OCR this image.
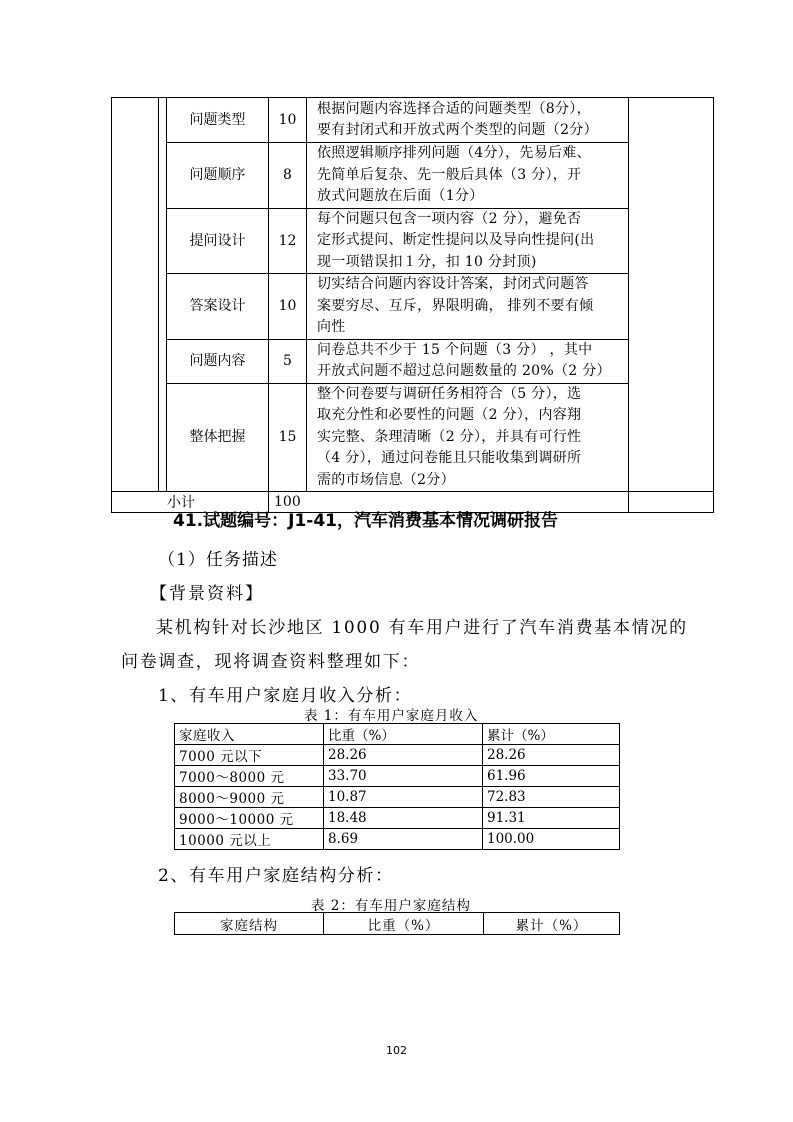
		问题类型	10	根据问题内容选择合适的问题类型（8分），
要有封闭式和开放式两个类型的问题（2分）	

		问题顺序	8	依照逻辑顺序排列问题（4分），先易后难、
先简单后复杂、先一般后具体（3 分），开
放式问题放在后面（1分）	

		提问设计	12	每个问题只包含一项内容（2 分），避免否
定形式提问、断定性提问以及导向性提问(出
现一项错误扣１分，扣 10 分封顶)	

		答案设计	10	切实结合问题内容设计答案，封闭式问题答
案要穷尽、互斥，界限明确， 排列不要有倾
向性	

		问题内容	5	问卷总共不少于 15 个问题（3 分） ，其中
开放式问题不超过总问题数量的 20%（2 分）	

		整体把握	15	整个问卷要与调研任务相符合（5 分），选
取充分性和必要性的问题（2 分），内容翔
实完整、条理清晰（2 分），并具有可行性
（4 分），通过问卷能且只能收集到调研所
需的市场信息（2分）	

小计			100		
41.试题编号：J1-41，汽车消费基本情况调研报告
（1）任务描述
【背景资料】
某机构针对长沙地区 1000 有车用户进行了汽车消费基本情况的
问卷调查，现将调查资料整理如下：
1、有车用户家庭月收入分析：
表 1：有车用户家庭月收入
家庭收入	比重（%）	累计（%）
7000 元以下	28.26	28.26
7000～8000 元	33.70	61.96
8000～9000 元	10.87	72.83
9000～10000 元	18.48	91.31
10000 元以上	8.69	100.00
2、有车用户家庭结构分析：
表 2：有车用户家庭结构
家庭结构	比重（%）	累计（%）
102
